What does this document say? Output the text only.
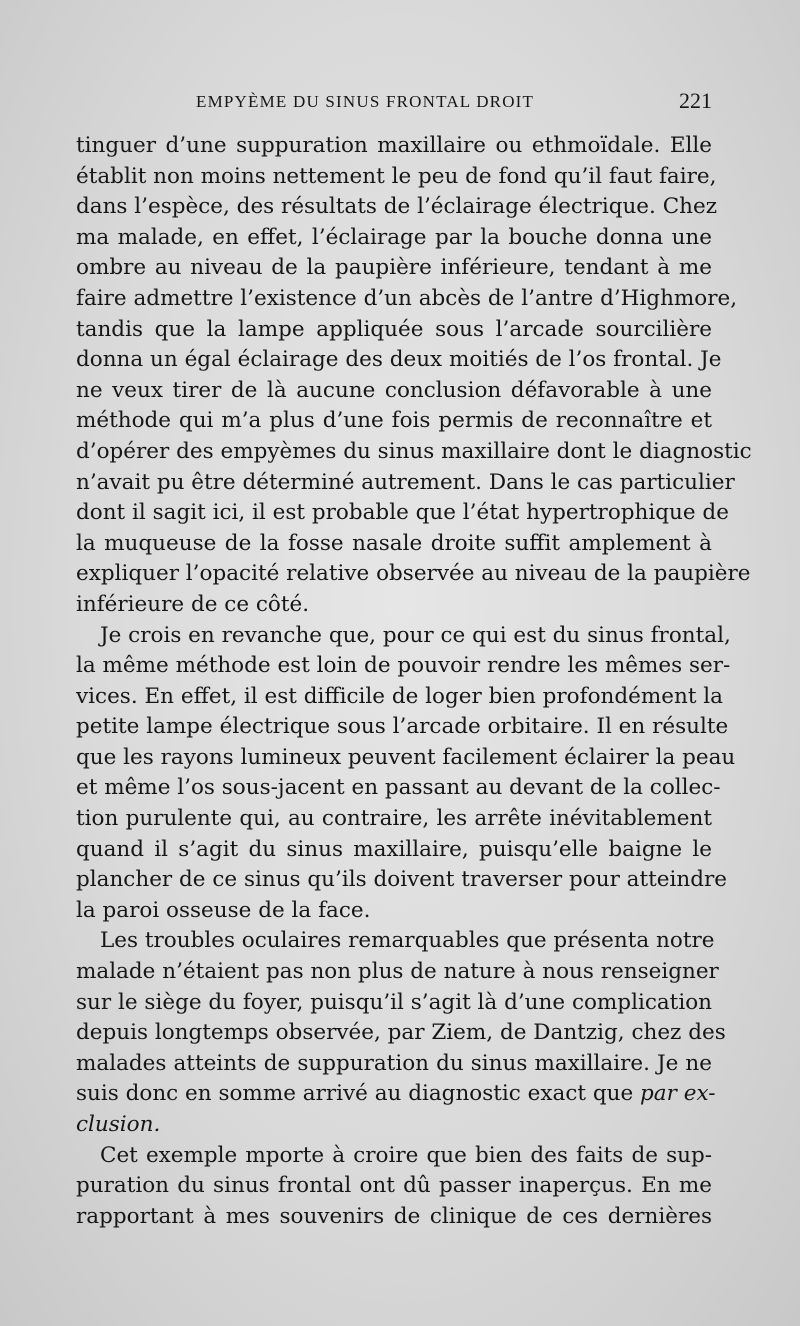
EMPYÈME DU SINUS FRONTAL DROIT	221
tinguer d’une suppuration maxillaire ou ethmoïdale. Elle
établit non moins nettement le peu de fond qu’il faut faire,
dans l’espèce, des résultats de l’éclairage électrique. Chez
ma malade, en effet, l’éclairage par la bouche donna une
ombre au niveau de la paupière inférieure, tendant à me
faire admettre l’existence d’un abcès de l’antre d’Highmore,
tandis que la lampe appliquée sous l’arcade sourcilière
donna un égal éclairage des deux moitiés de l’os frontal. Je
ne veux tirer de là aucune conclusion défavorable à une
méthode qui m’a plus d’une fois permis de reconnaître et
d’opérer des empyèmes du sinus maxillaire dont le diagnostic
n’avait pu être déterminé autrement. Dans le cas particulier
dont il sagit ici, il est probable que l’état hypertrophique de
la muqueuse de la fosse nasale droite suffit amplement à
expliquer l’opacité relative observée au niveau de la paupière
inférieure de ce côté.
Je crois en revanche que, pour ce qui est du sinus frontal,
la même méthode est loin de pouvoir rendre les mêmes ser-
vices. En effet, il est difficile de loger bien profondément la
petite lampe électrique sous l’arcade orbitaire. Il en résulte
que les rayons lumineux peuvent facilement éclairer la peau
et même l’os sous-jacent en passant au devant de la collec-
tion purulente qui, au contraire, les arrête inévitablement
quand il s’agit du sinus maxillaire, puisqu’elle baigne le
plancher de ce sinus qu’ils doivent traverser pour atteindre
la paroi osseuse de la face.
Les troubles oculaires remarquables que présenta notre
malade n’étaient pas non plus de nature à nous renseigner
sur le siège du foyer, puisqu’il s’agit là d’une complication
depuis longtemps observée, par Ziem, de Dantzig, chez des
malades atteints de suppuration du sinus maxillaire. Je ne
suis donc en somme arrivé au diagnostic exact que par ex-
clusion.
Cet exemple mporte à croire que bien des faits de sup-
puration du sinus frontal ont dû passer inaperçus. En me
rapportant à mes souvenirs de clinique de ces dernières
